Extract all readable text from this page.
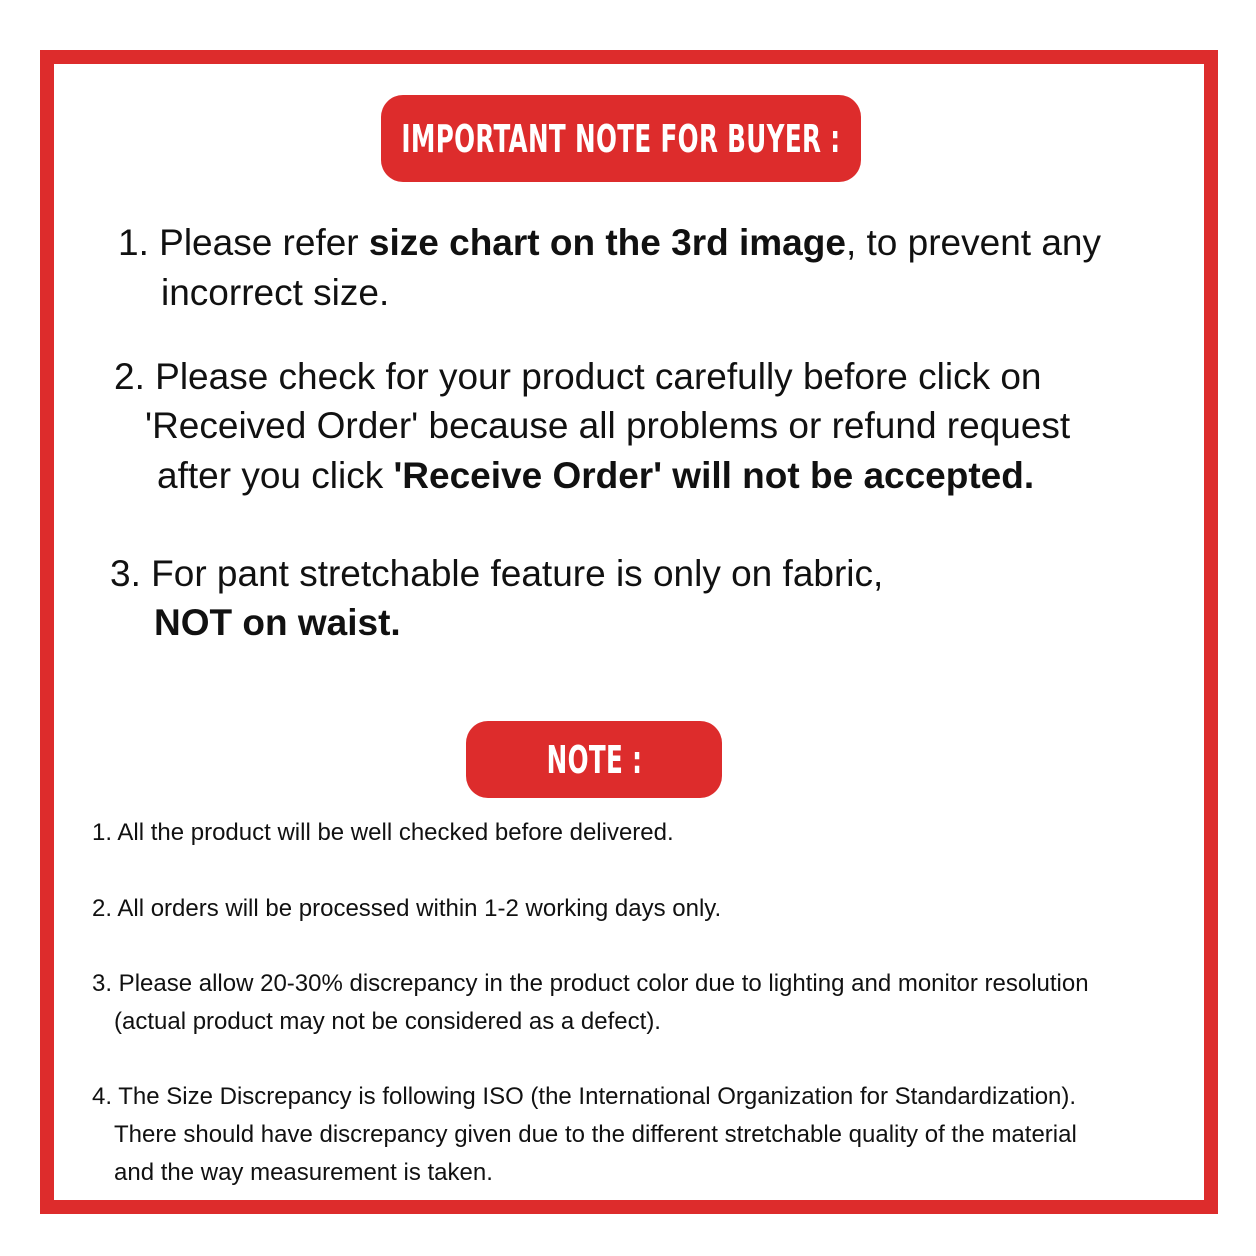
IMPORTANT NOTE FOR BUYER :
1. Please refer size chart on the 3rd image, to prevent any
incorrect size.
2. Please check for your product carefully before click on
'Received Order' because all problems or refund request
after you click 'Receive Order' will not be accepted.
3. For pant stretchable feature is only on fabric,
NOT on waist.
NOTE :
1. All the product will be well checked before delivered.
2. All orders will be processed within 1-2 working days only.
3. Please allow 20-30% discrepancy in the product color due to lighting and monitor resolution
(actual product may not be considered as a defect).
4. The Size Discrepancy is following ISO (the International Organization for Standardization).
There should have discrepancy given due to the different stretchable quality of the material
and the way measurement is taken.
